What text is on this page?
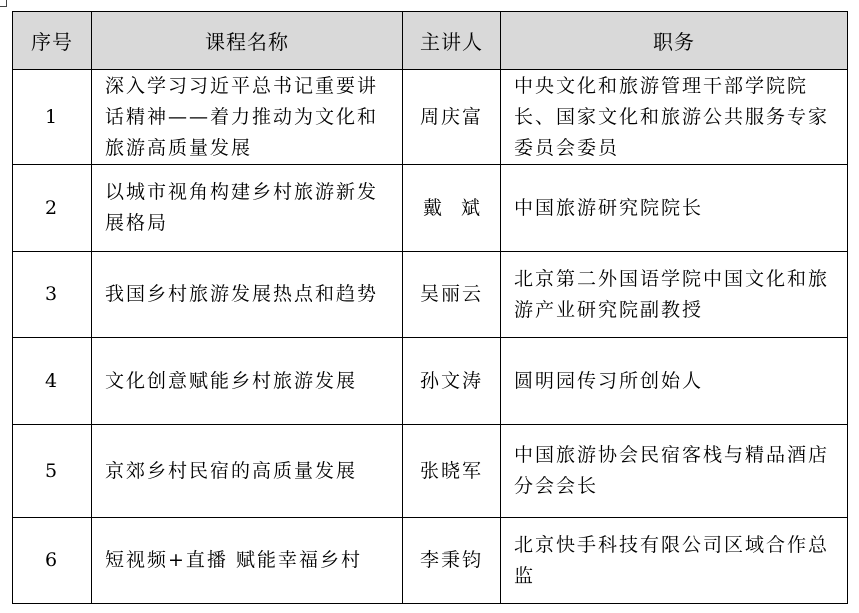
序号	课程名称	主讲人	职务
1	深入学习习近平总书记重要讲话精神——着力推动为文化和旅游高质量发展	周庆富	中央文化和旅游管理干部学院院长、国家文化和旅游公共服务专家委员会委员
2	以城市视角构建乡村旅游新发展格局	戴　斌	中国旅游研究院院长
3	我国乡村旅游发展热点和趋势	吴丽云	北京第二外国语学院中国文化和旅游产业研究院副教授
4	文化创意赋能乡村旅游发展	孙文涛	圆明园传习所创始人
5	京郊乡村民宿的高质量发展	张晓军	中国旅游协会民宿客栈与精品酒店分会会长
6	短视频+直播 赋能幸福乡村	李秉钧	北京快手科技有限公司区域合作总监
